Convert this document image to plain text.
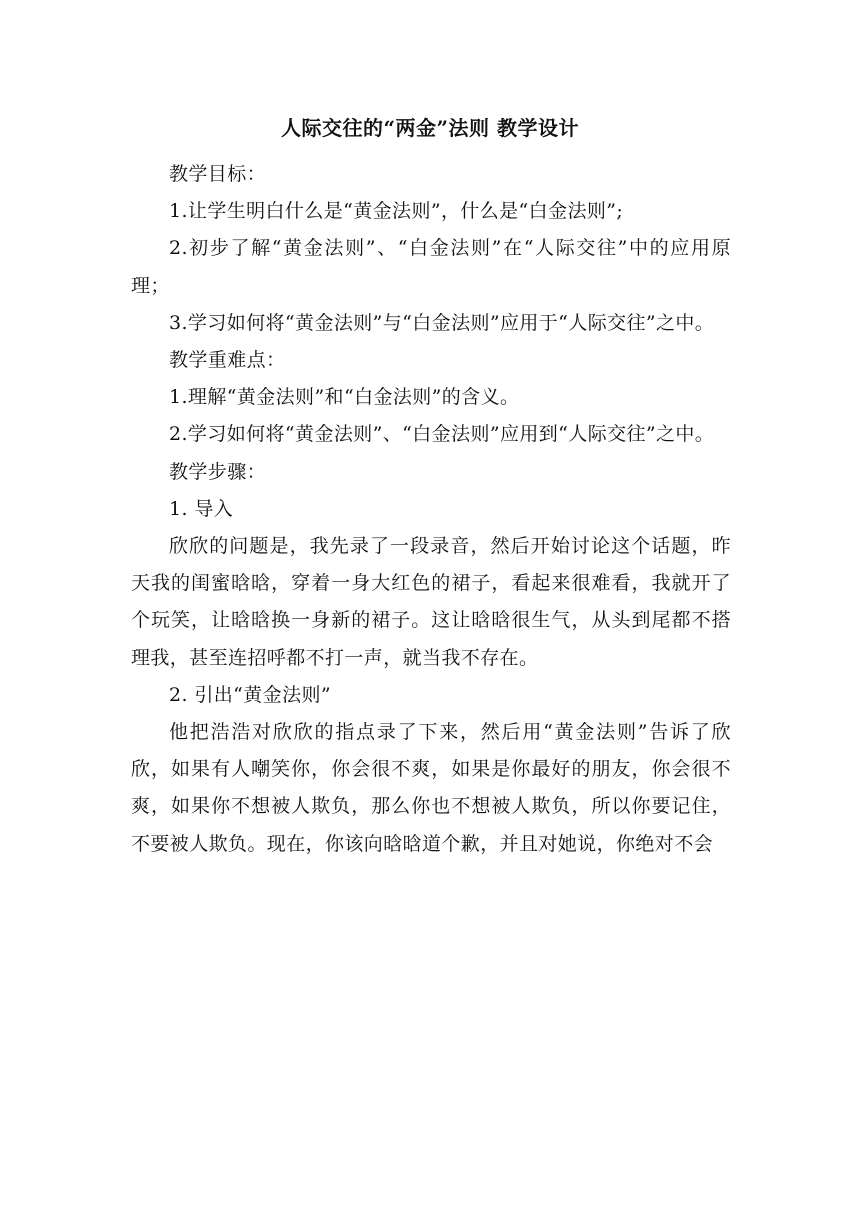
人际交往的“两金”法则 教学设计

教学目标：

1.让学生明白什么是“黄金法则”，什么是“白金法则”;

2.初步了解“黄金法则”、“白金法则”在“人际交往”中的应用原理；

3.学习如何将“黄金法则”与“白金法则”应用于“人际交往”之中。

教学重难点：

1.理解“黄金法则”和“白金法则”的含义。

2.学习如何将“黄金法则”、“白金法则”应用到“人际交往”之中。

教学步骤：

1. 导入

欣欣的问题是，我先录了一段录音，然后开始讨论这个话题，昨天我的闺蜜晗晗，穿着一身大红色的裙子，看起来很难看，我就开了个玩笑，让晗晗换一身新的裙子。这让晗晗很生气，从头到尾都不搭理我，甚至连招呼都不打一声，就当我不存在。

2. 引出“黄金法则”

他把浩浩对欣欣的指点录了下来，然后用“黄金法则”告诉了欣欣，如果有人嘲笑你，你会很不爽，如果是你最好的朋友，你会很不爽，如果你不想被人欺负，那么你也不想被人欺负，所以你要记住，不要被人欺负。现在，你该向晗晗道个歉，并且对她说，你绝对不会
